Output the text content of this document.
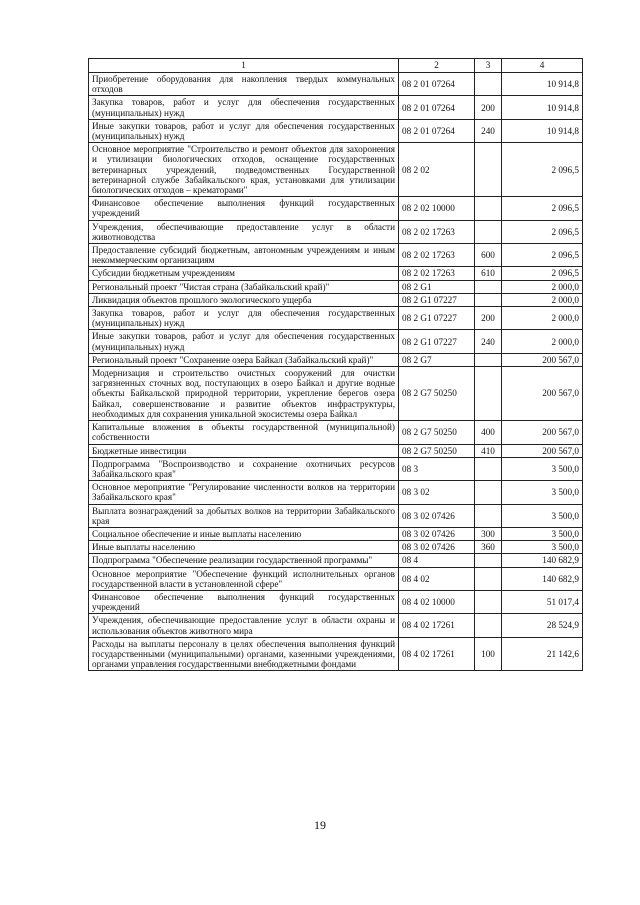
1	2	3	4
Приобретение оборудования для накопления твердых коммунальных отходов	08 2 01 07264		10 914,8
Закупка товаров, работ и услуг для обеспечения государственных (муниципальных) нужд	08 2 01 07264	200	10 914,8
Иные закупки товаров, работ и услуг для обеспечения государственных (муниципальных) нужд	08 2 01 07264	240	10 914,8
Основное мероприятие "Строительство и ремонт объектов для захоронения и утилизации биологических отходов, оснащение государственных ветеринарных учреждений, подведомственных Государственной ветеринарной службе Забайкальского края, установками для утилизации биологических отходов – крематорами"	08 2 02		2 096,5
Финансовое обеспечение выполнения функций государственных учреждений	08 2 02 10000		2 096,5
Учреждения, обеспечивающие предоставление услуг в области животноводства	08 2 02 17263		2 096,5
Предоставление субсидий бюджетным, автономным учреждениям и иным некоммерческим организациям	08 2 02 17263	600	2 096,5
Субсидии бюджетным учреждениям	08 2 02 17263	610	2 096,5
Региональный проект "Чистая страна (Забайкальский край)"	08 2 G1		2 000,0
Ликвидация объектов прошлого экологического ущерба	08 2 G1 07227		2 000,0
Закупка товаров, работ и услуг для обеспечения государственных (муниципальных) нужд	08 2 G1 07227	200	2 000,0
Иные закупки товаров, работ и услуг для обеспечения государственных (муниципальных) нужд	08 2 G1 07227	240	2 000,0
Региональный проект "Сохранение озера Байкал (Забайкальский край)"	08 2 G7		200 567,0
Модернизация и строительство очистных сооружений для очистки загрязненных сточных вод, поступающих в озеро Байкал и другие водные объекты Байкальской природной территории, укрепление берегов озера Байкал, совершенствование и развитие объектов инфраструктуры, необходимых для сохранения уникальной экосистемы озера Байкал	08 2 G7 50250		200 567,0
Капитальные вложения в объекты государственной (муниципальной) собственности	08 2 G7 50250	400	200 567,0
Бюджетные инвестиции	08 2 G7 50250	410	200 567,0
Подпрограмма "Воспроизводство и сохранение охотничьих ресурсов Забайкальского края"	08 3		3 500,0
Основное мероприятие "Регулирование численности волков на территории Забайкальского края"	08 3 02		3 500,0
Выплата вознаграждений за добытых волков на территории Забайкальского края	08 3 02 07426		3 500,0
Социальное обеспечение и иные выплаты населению	08 3 02 07426	300	3 500,0
Иные выплаты населению	08 3 02 07426	360	3 500,0
Подпрограмма "Обеспечение реализации государственной программы"	08 4		140 682,9
Основное мероприятие "Обеспечение функций исполнительных органов государственной власти в установленной сфере"	08 4 02		140 682,9
Финансовое обеспечение выполнения функций государственных учреждений	08 4 02 10000		51 017,4
Учреждения, обеспечивающие предоставление услуг в области охраны и использования объектов животного мира	08 4 02 17261		28 524,9
Расходы на выплаты персоналу в целях обеспечения выполнения функций государственными (муниципальными) органами, казенными учреждениями, органами управления государственными внебюджетными фондами	08 4 02 17261	100	21 142,6
19
